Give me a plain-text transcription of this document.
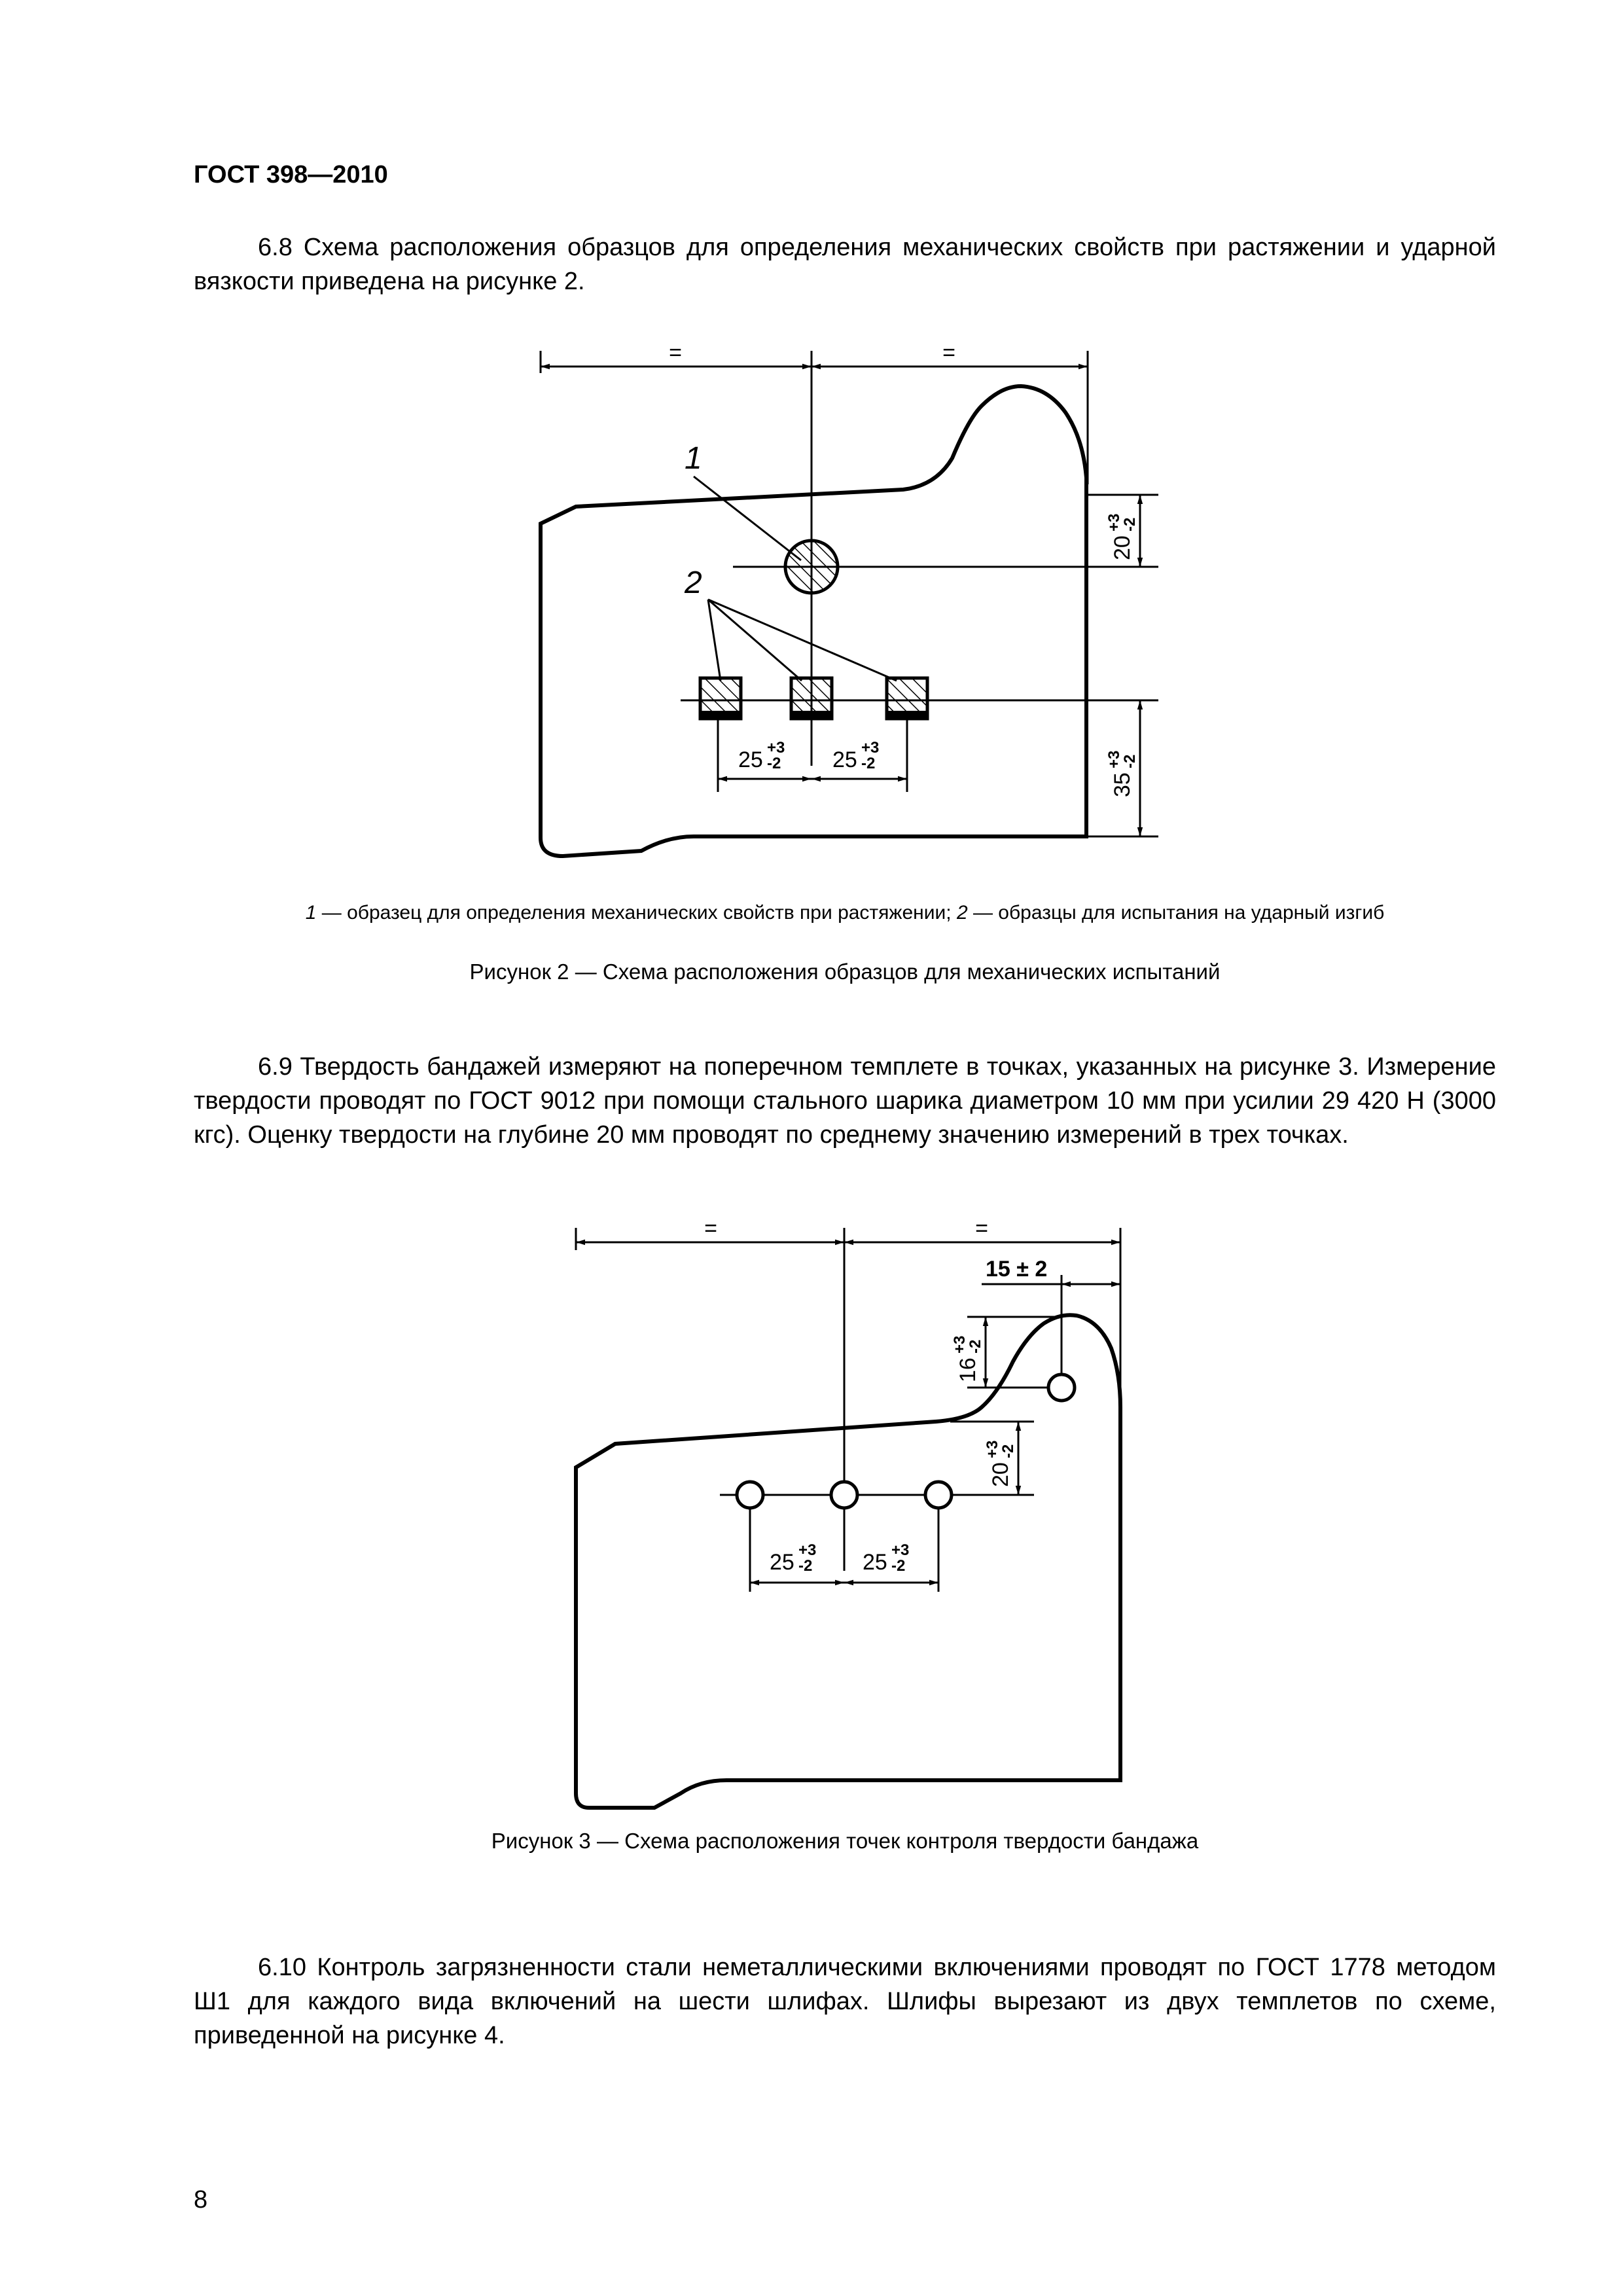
ГОСТ 398—2010
6.8 Схема расположения образцов для определения механических свойств при растяжении и ударной вязкости приведена на рисунке 2.
=	=
20
+3
-2
35
+3
-2
1
2
25 +3
-2 25 +3
-2
1 — образец для определения механических свойств при растяжении; 2 — образцы для испытания на ударный изгиб
Рисунок 2 — Схема расположения образцов для механических испытаний
6.9 Твердость бандажей измеряют на поперечном темплете в точках, указанных на рисунке 3. Измерение твердости проводят по ГОСТ 9012 при помощи стального шарика диаметром 10 мм при усилии 29 420 Н (3000 кгс). Оценку твердости на глубине 20 мм проводят по среднему значению измерений в трех точках.
=	=
15 ± 2
16
+3
-2
20
+3
-2
25 +3
-2 25 +3
-2
Рисунок 3 — Схема расположения точек контроля твердости бандажа
6.10 Контроль загрязненности стали неметаллическими включениями проводят по ГОСТ 1778 методом Ш1 для каждого вида включений на шести шлифах. Шлифы вырезают из двух темплетов по схеме, приведенной на рисунке 4.
8
